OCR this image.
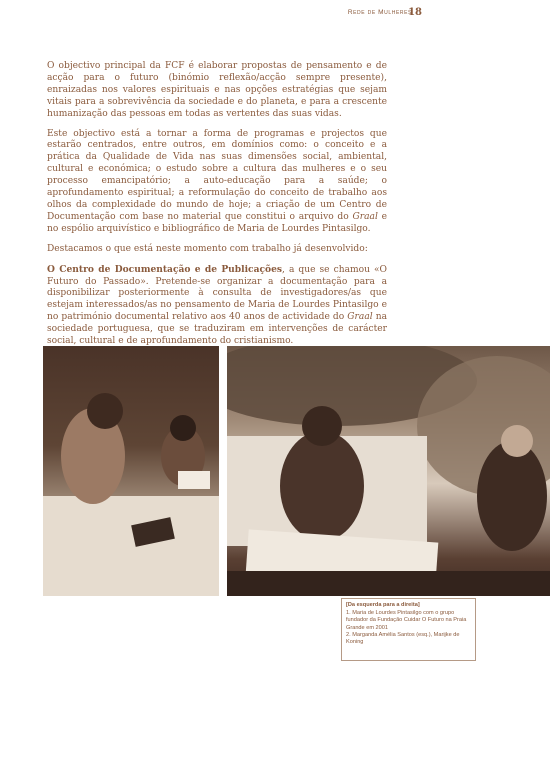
Rede de Mulheres
18

O objectivo principal da FCF é elaborar propostas de pensamento e de acção para o futuro (binómio reflexão/acção sempre presente), enraizadas nos valores espirituais e nas opções estratégias que sejam vitais para a sobrevivência da sociedade e do planeta, e para a crescente humanização das pessoas em todas as vertentes das suas vidas.

Este objectivo está a tornar a forma de programas e projectos que estarão centrados, entre outros, em domínios como: o conceito e a prática da Qualidade de Vida nas suas dimensões social, ambiental, cultural e económica; o estudo sobre a cultura das mulheres e o seu processo emancipatório; a auto-educação para a saúde; o aprofundamento espiritual; a reformulação do conceito de trabalho aos olhos da complexidade do mundo de hoje; a criação de um Centro de Documentação com base no material que constitui o arquivo do Graal e no espólio arquivístico e bibliográfico de Maria de Lourdes Pintasilgo.

Destacamos o que está neste momento com trabalho já desenvolvido:

O Centro de Documentação e de Publicações, a que se chamou «O Futuro do Passado». Pretende-se organizar a documentação para a disponibilizar posteriormente à consulta de investigadores/as que estejam interessados/as no pensamento de Maria de Lourdes Pintasilgo e no património documental relativo aos 40 anos de actividade do Graal na sociedade portuguesa, que se traduziram em intervenções de carácter social, cultural e de aprofundamento do cristianismo.

[Da esquerda para a direita]

1. Maria de Lourdes Pintasilgo com o grupo fundador da Fundação Cuidar O Futuro na Praia Grande em 2001

2. Marganda Amélia Santos (esq.), Marijke de Koning
